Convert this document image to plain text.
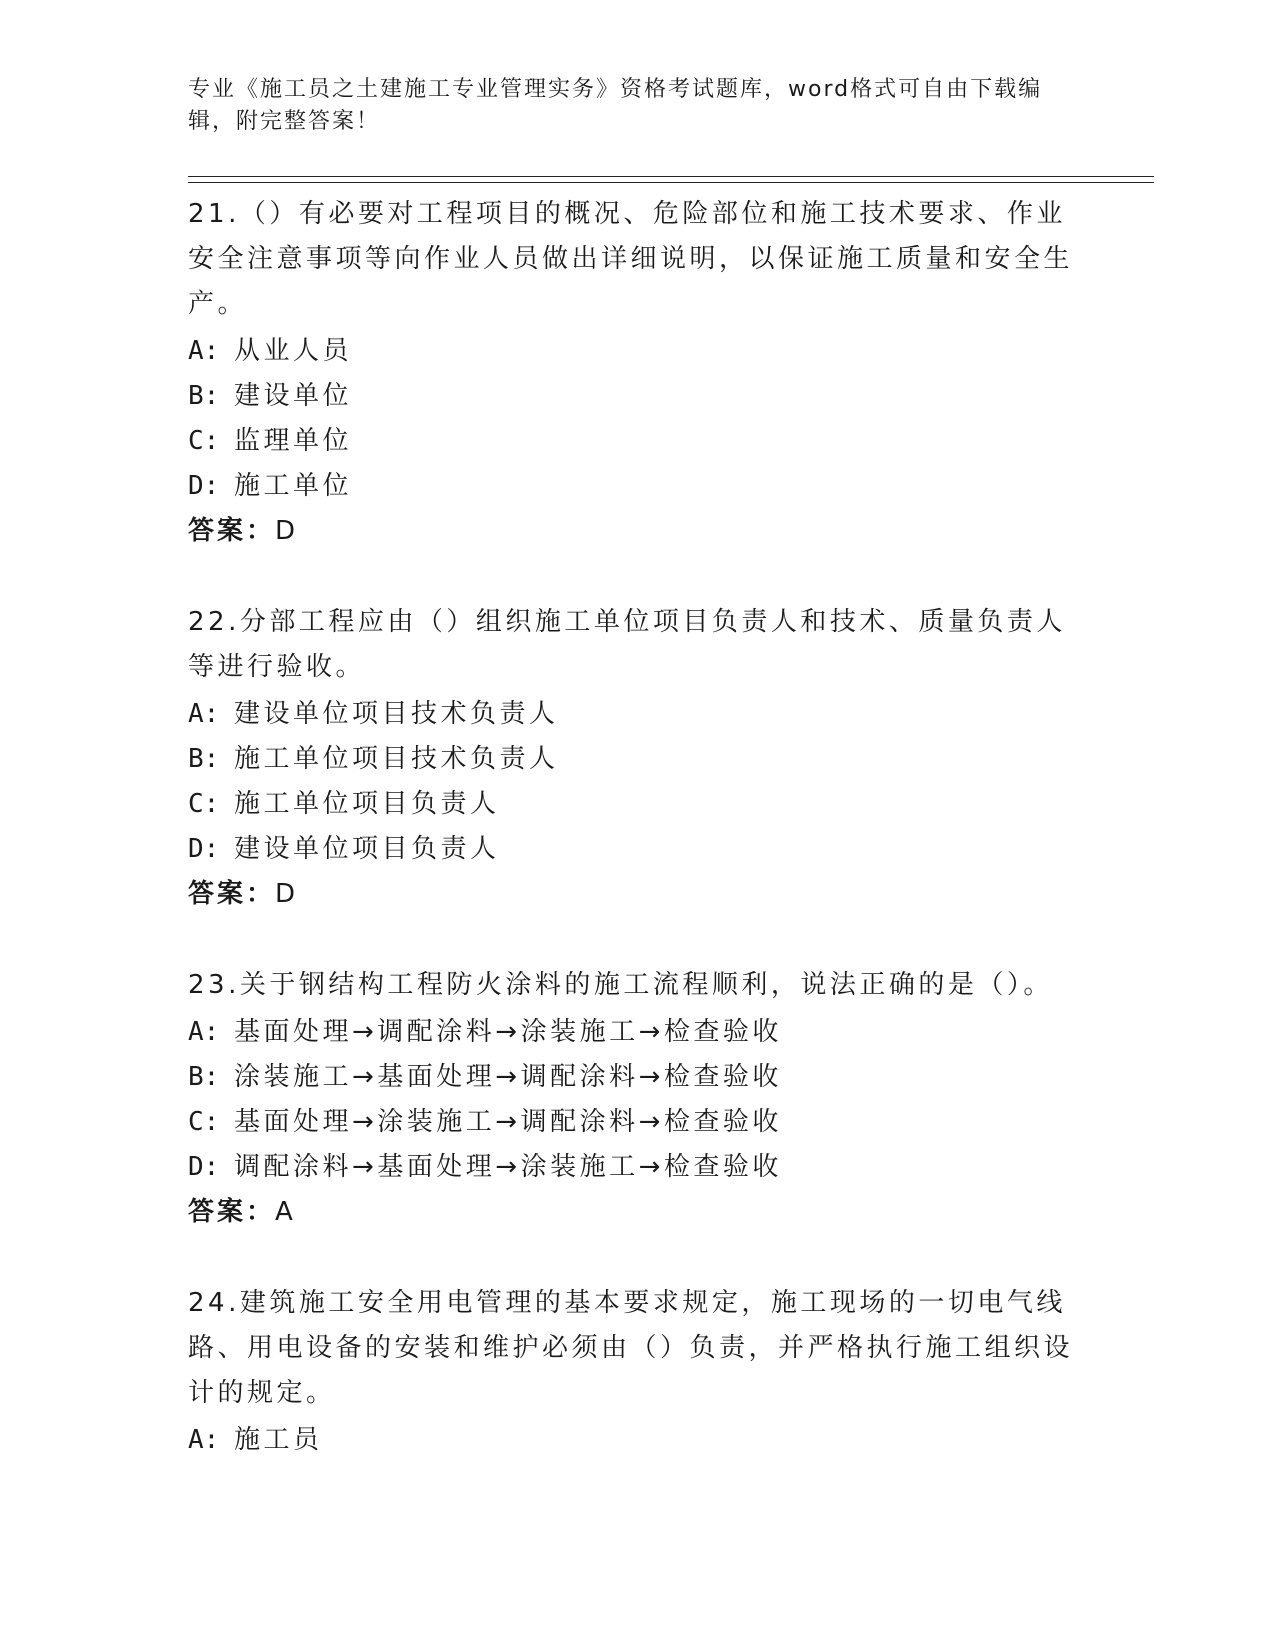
专业《施工员之土建施工专业管理实务》资格考试题库，word格式可自由下载编辑，附完整答案！
21.（）有必要对工程项目的概况、危险部位和施工技术要求、作业安全注意事项等向作业人员做出详细说明，以保证施工质量和安全生产。
A: 从业人员
B: 建设单位
C: 监理单位
D: 施工单位
答案：D
22.分部工程应由（）组织施工单位项目负责人和技术、质量负责人等进行验收。
A: 建设单位项目技术负责人
B: 施工单位项目技术负责人
C: 施工单位项目负责人
D: 建设单位项目负责人
答案：D
23.关于钢结构工程防火涂料的施工流程顺利，说法正确的是（）。
A: 基面处理→调配涂料→涂装施工→检查验收
B: 涂装施工→基面处理→调配涂料→检查验收
C: 基面处理→涂装施工→调配涂料→检查验收
D: 调配涂料→基面处理→涂装施工→检查验收
答案：A
24.建筑施工安全用电管理的基本要求规定，施工现场的一切电气线路、用电设备的安装和维护必须由（）负责，并严格执行施工组织设计的规定。
A: 施工员
